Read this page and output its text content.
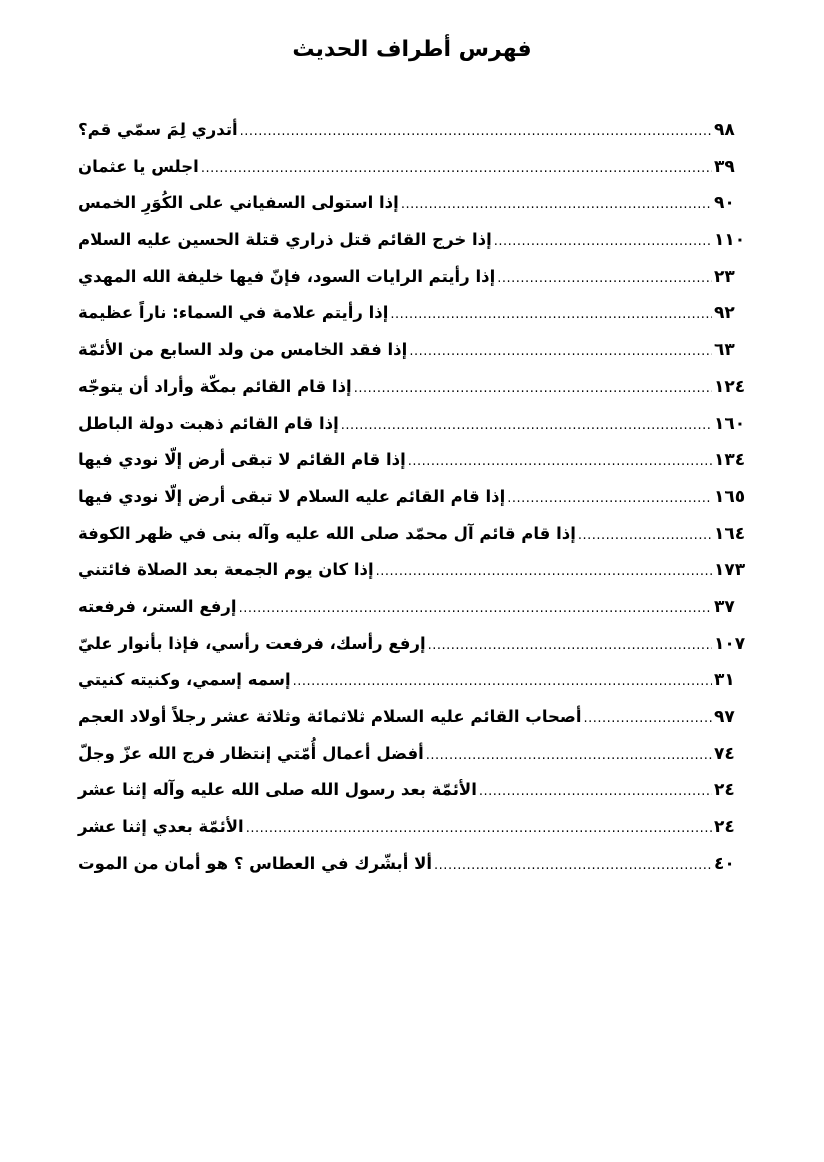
فهرس أطراف الحديث
أتدري لِمَ سمّي قم؟ .....	٩٨
اجلس يا عثمان .....	٣٩
إذا استولى السفياني على الكُوَرِ الخمس .....	٩٠
إذا خرج القائم قتل ذراري قتلة الحسين عليه السلام .....	١١٠
إذا رأيتم الرايات السود، فإنّ فيها خليفة الله المهدي .....	٢٣
إذا رأيتم علامة في السماء: ناراً عظيمة .....	٩٢
إذا فقد الخامس من ولد السابع من الأئمّة .....	٦٣
إذا قام القائم بمكّة وأراد أن يتوجّه .....	١٢٤
إذا قام القائم ذهبت دولة الباطل .....	١٦٠
إذا قام القائم لا تبقى أرض إلّا نودي فيها .....	١٣٤
إذا قام القائم عليه السلام لا تبقى أرض إلّا نودي فيها .....	١٦٥
إذا قام قائم آل محمّد صلى الله عليه وآله بنى في ظهر الكوفة .....	١٦٤
إذا كان يوم الجمعة بعد الصلاة فائتني .....	١٧٣
إرفع الستر، فرفعته .....	٣٧
إرفع رأسك، فرفعت رأسي، فإذا بأنوار عليّ .....	١٠٧
إسمه إسمي، وكنيته كنيتي .....	٣١
أصحاب القائم عليه السلام ثلاثمائة وثلاثة عشر رجلاً أولاد العجم .....	٩٧
أفضل أعمال أُمّتي إنتظار فرج الله عزّ وجلّ .....	٧٤
الأئمّة بعد رسول الله صلى الله عليه وآله إثنا عشر .....	٢٤
الأئمّة بعدي إثنا عشر .....	٢٤
ألا أبشّرك في العطاس ؟ هو أمان من الموت .....	٤٠
